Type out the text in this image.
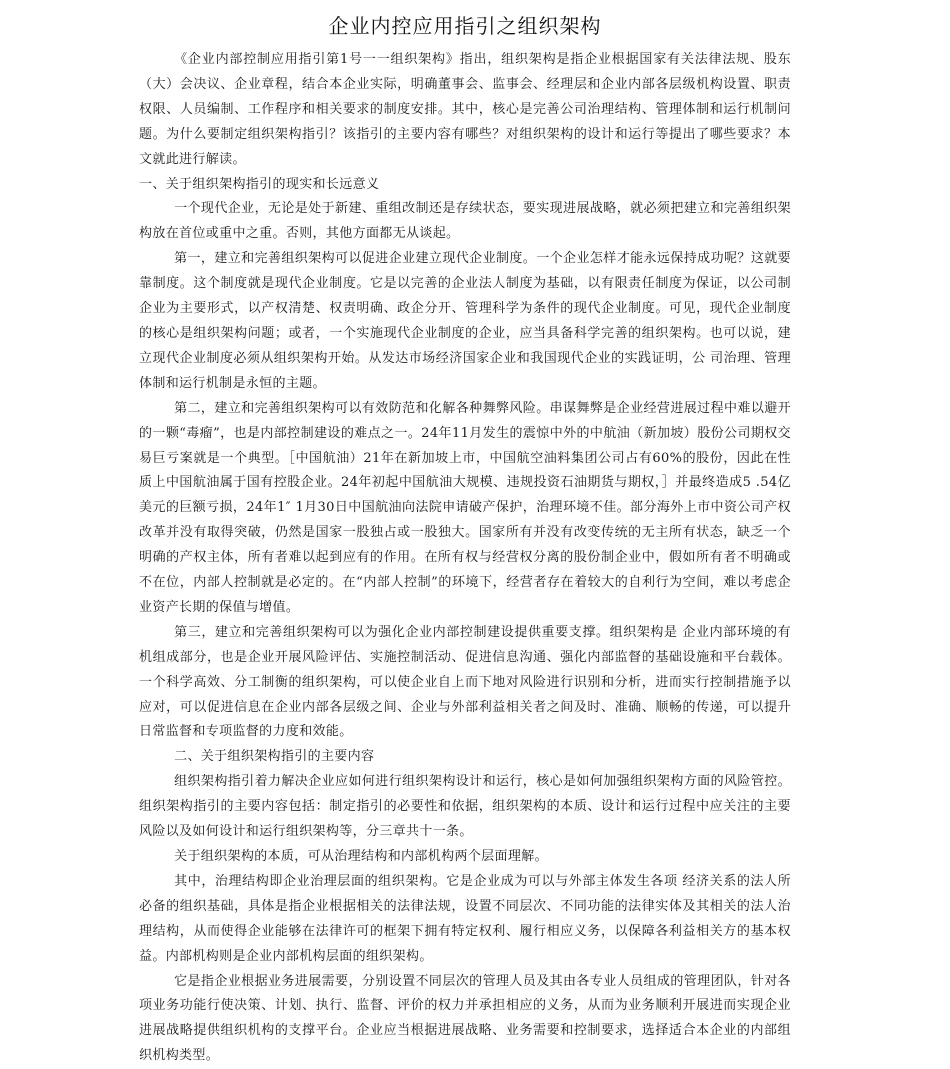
企业内控应用指引之组织架构

《企业内部控制应用指引第1号一一组织架构》指出，组织架构是指企业根据国家有关法律法规、股东（大）会决议、企业章程，结合本企业实际，明确董事会、监事会、经理层和企业内部各层级机构设置、职责权限、人员编制、工作程序和相关要求的制度安排。其中，核心是完善公司治理结构、管理体制和运行机制问题。为什么要制定组织架构指引？该指引的主要内容有哪些？对组织架构的设计和运行等提出了哪些要求？本文就此进行解读。

一、关于组织架构指引的现实和长远意义

一个现代企业，无论是处于新建、重组改制还是存续状态，要实现进展战略，就必须把建立和完善组织架构放在首位或重中之重。否则，其他方面都无从谈起。

第一，建立和完善组织架构可以促进企业建立现代企业制度。一个企业怎样才能永远保持成功呢？这就要靠制度。这个制度就是现代企业制度。它是以完善的企业法人制度为基础，以有限责任制度为保证，以公司制企业为主要形式，以产权清楚、权责明确、政企分开、管理科学为条件的现代企业制度。可见，现代企业制度的核心是组织架构问题；或者，一个实施现代企业制度的企业，应当具备科学完善的组织架构。也可以说，建立现代企业制度必须从组织架构开始。从发达市场经济国家企业和我国现代企业的实践证明，公 司治理、管理体制和运行机制是永恒的主题。

第二，建立和完善组织架构可以有效防范和化解各种舞弊风险。串谋舞弊是企业经营进展过程中难以避开的一颗“毒瘤”，也是内部控制建设的难点之一。24年11月发生的震惊中外的中航油（新加坡）股份公司期权交易巨亏案就是一个典型。［中国航油）21年在新加坡上市，中国航空油料集团公司占有60%的股份，因此在性质上中国航油属于国有控股企业。24年初起中国航油大规模、违规投资石油期货与期权，］并最终造成5 .54亿美元的巨额亏损，24年1″ 1月30日中国航油向法院申请破产保护，治理环境不佳。部分海外上市中资公司产权改革并没有取得突破，仍然是国家一股独占或一股独大。国家所有并没有改变传统的无主所有状态，缺乏一个明确的产权主体，所有者难以起到应有的作用。在所有权与经营权分离的股份制企业中，假如所有者不明确或不在位，内部人控制就是必定的。在“内部人控制”的环境下，经营者存在着较大的自利行为空间，难以考虑企业资产长期的保值与增值。

第三，建立和完善组织架构可以为强化企业内部控制建设提供重要支撑。组织架构是 企业内部环境的有机组成部分，也是企业开展风险评估、实施控制活动、促进信息沟通、强化内部监督的基础设施和平台载体。一个科学高效、分工制衡的组织架构，可以使企业自上而下地对风险进行识别和分析，进而实行控制措施予以应对，可以促进信息在企业内部各层级之间、企业与外部利益相关者之间及时、准确、顺畅的传递，可以提升日常监督和专项监督的力度和效能。

二、关于组织架构指引的主要内容

组织架构指引着力解决企业应如何进行组织架构设计和运行，核心是如何加强组织架构方面的风险管控。组织架构指引的主要内容包括：制定指引的必要性和依据，组织架构的本质、设计和运行过程中应关注的主要风险以及如何设计和运行组织架构等，分三章共十一条。

关于组织架构的本质，可从治理结构和内部机构两个层面理解。

其中，治理结构即企业治理层面的组织架构。它是企业成为可以与外部主体发生各项 经济关系的法人所必备的组织基础，具体是指企业根据相关的法律法规，设置不同层次、不同功能的法律实体及其相关的法人治理结构，从而使得企业能够在法律许可的框架下拥有特定权利、履行相应义务，以保障各利益相关方的基本权益。内部机构则是企业内部机构层面的组织架构。

它是指企业根据业务进展需要，分别设置不同层次的管理人员及其由各专业人员组成的管理团队，针对各项业务功能行使决策、计划、执行、监督、评价的权力并承担相应的义务，从而为业务顺利开展进而实现企业进展战略提供组织机构的支撑平台。企业应当根据进展战略、业务需要和控制要求，选择适合本企业的内部组织机构类型。
